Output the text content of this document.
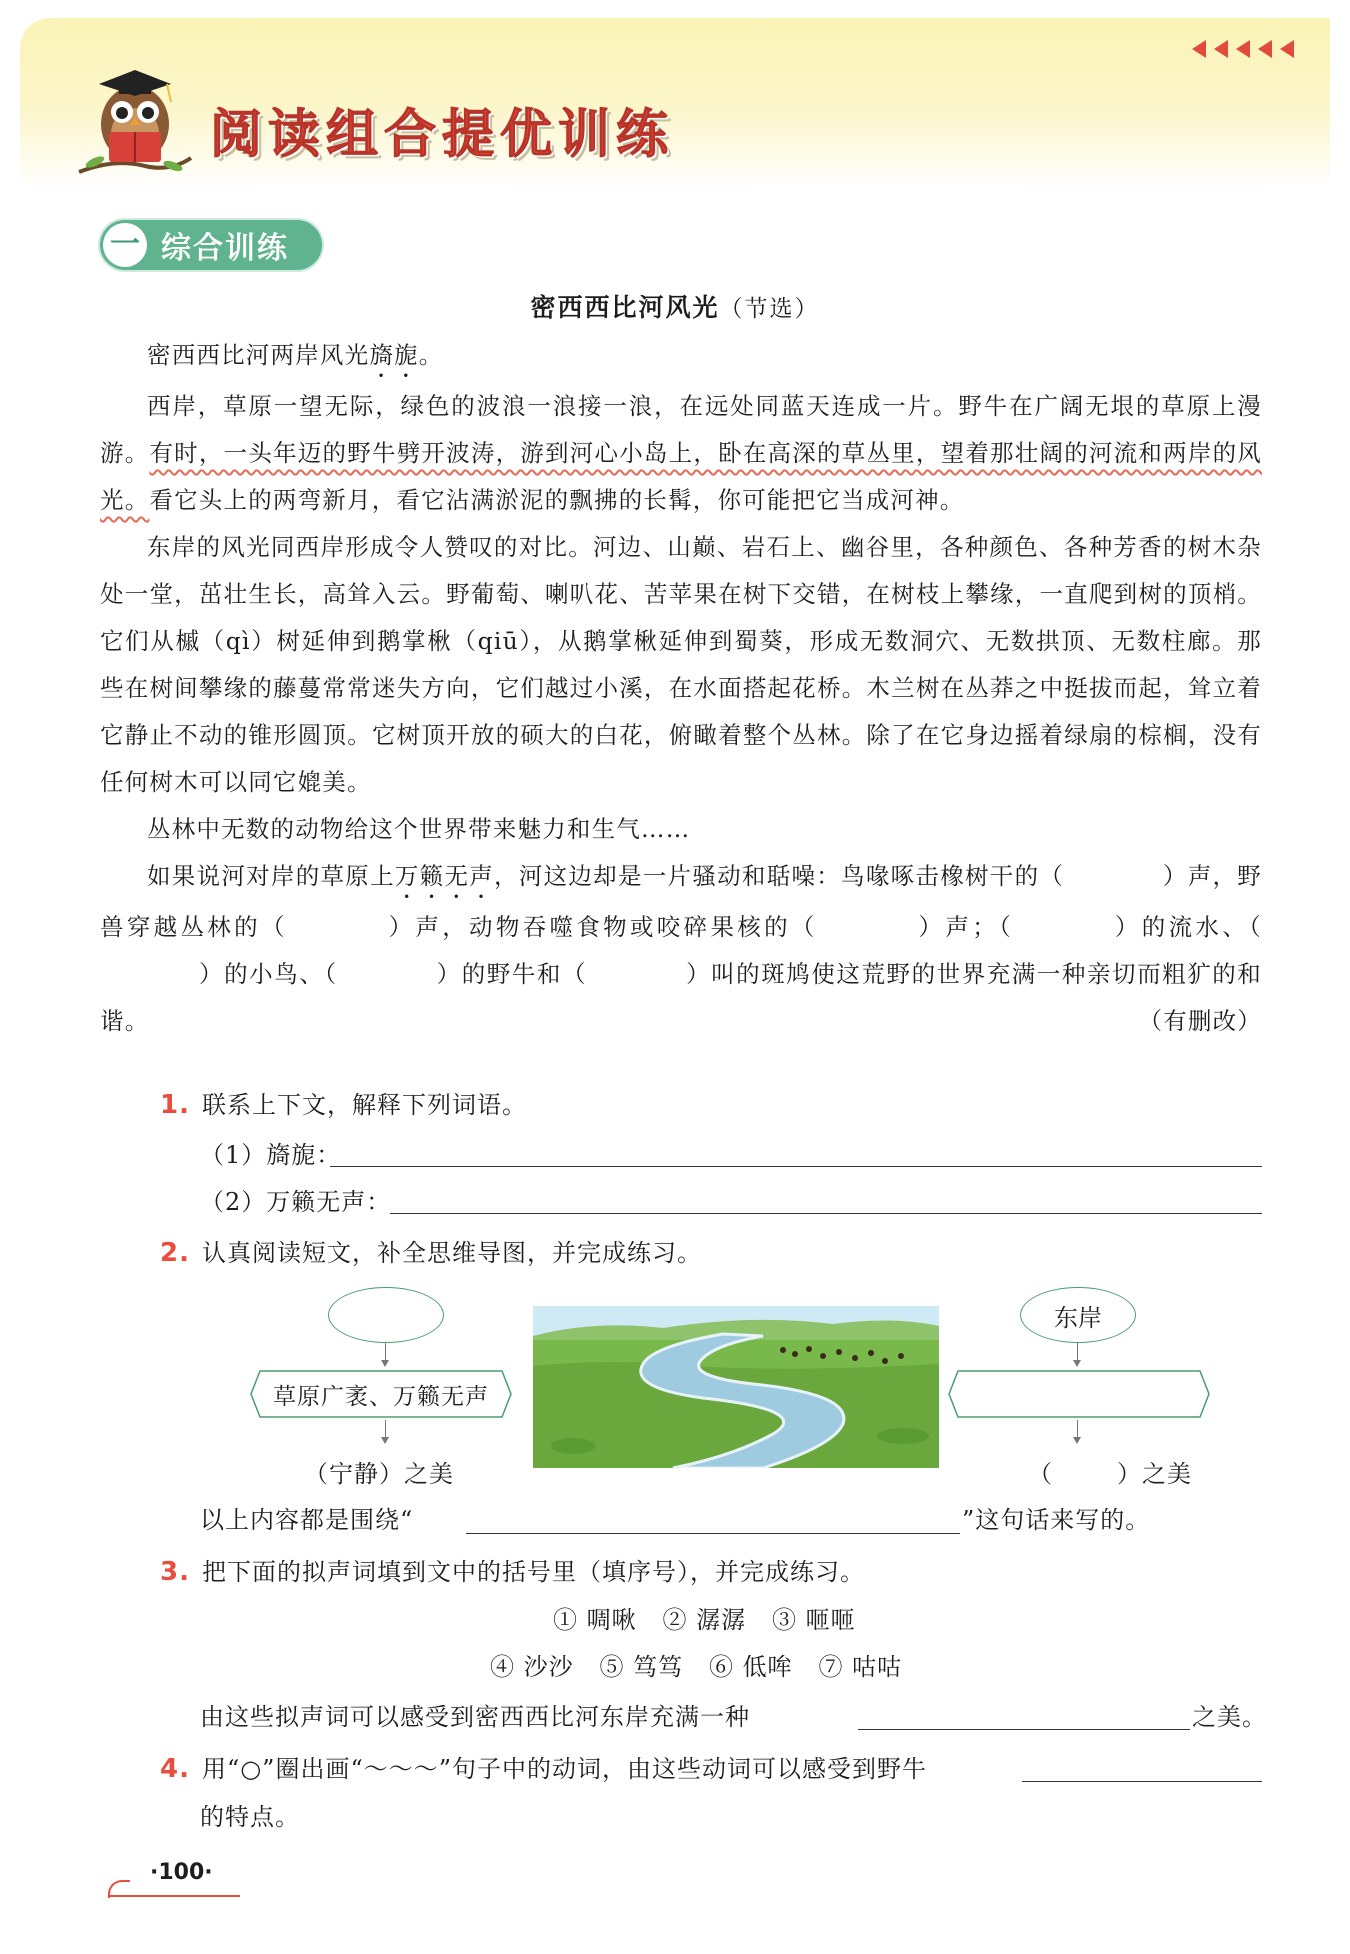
阅读组合提优训练
一 综合训练
密西西比河风光（节选）

密西西比河两岸风光旖旎。

西岸，草原一望无际，绿色的波浪一浪接一浪，在远处同蓝天连成一片。野牛在广阔无垠的草原上漫游。有时，一头年迈的野牛劈开波涛，游到河心小岛上，卧在高深的草丛里，望着那壮阔的河流和两岸的风光。看它头上的两弯新月，看它沾满淤泥的飘拂的长髯，你可能把它当成河神。

东岸的风光同西岸形成令人赞叹的对比。河边、山巅、岩石上、幽谷里，各种颜色、各种芳香的树木杂处一堂，茁壮生长，高耸入云。野葡萄、喇叭花、苦苹果在树下交错，在树枝上攀缘，一直爬到树的顶梢。它们从槭（qì）树延伸到鹅掌楸（qiū），从鹅掌楸延伸到蜀葵，形成无数洞穴、无数拱顶、无数柱廊。那些在树间攀缘的藤蔓常常迷失方向，它们越过小溪，在水面搭起花桥。木兰树在丛莽之中挺拔而起，耸立着它静止不动的锥形圆顶。它树顶开放的硕大的白花，俯瞰着整个丛林。除了在它身边摇着绿扇的棕榈，没有任何树木可以同它媲美。

丛林中无数的动物给这个世界带来魅力和生气……

如果说河对岸的草原上万籁无声，河这边却是一片骚动和聒噪：鸟喙啄击橡树干的（	）声，野兽穿越丛林的（	）声，动物吞噬食物或咬碎果核的（	）声；（	）的流水、（）的小鸟、（	）的野牛和（	）叫的斑鸠使这荒野的世界充满一种亲切而粗犷的和谐。	（有删改）

1. 联系上下文，解释下列词语。
（1）旖旎：
（2）万籁无声：
2. 认真阅读短文，补全思维导图，并完成练习。
草原广袤、万籁无声
（宁静）之美
东岸
（	）之美
以上内容都是围绕“	”这句话来写的。
3. 把下面的拟声词填到文中的括号里（填序号），并完成练习。
① 啁啾   ② 潺潺   ③ 咂咂
④ 沙沙   ⑤ 笃笃   ⑥ 低哞   ⑦ 咕咕
由这些拟声词可以感受到密西西比河东岸充满一种	之美。
4. 用“○”圈出画“～～～”句子中的动词，由这些动词可以感受到野牛
的特点。
·100·
